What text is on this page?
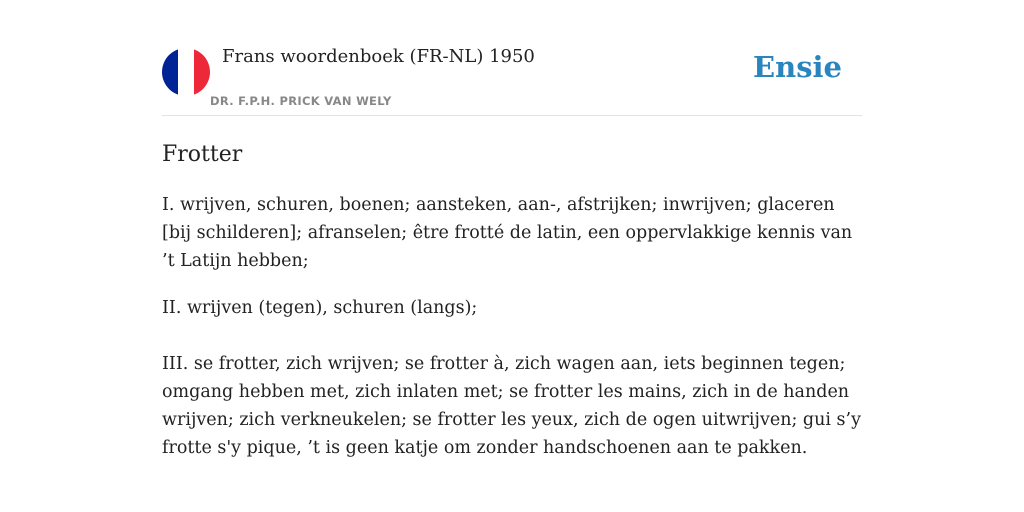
Frans woordenboek (FR-NL) 1950
DR. F.P.H. PRICK VAN WELY
Ensie
Frotter

I. wrijven, schuren, boenen; aansteken, aan-, afstrijken; inwrijven; glaceren [bij schilderen]; afranselen; être frotté de latin, een oppervlakkige kennis van ’t Latijn hebben;

II. wrijven (tegen), schuren (langs);

III. se frotter, zich wrijven; se frotter à, zich wagen aan, iets beginnen tegen; omgang hebben met, zich inlaten met; se frotter les mains, zich in de handen wrijven; zich verkneukelen; se frotter les yeux, zich de ogen uitwrijven; gui s’y frotte s'y pique, ’t is geen katje om zonder handschoenen aan te pakken.
